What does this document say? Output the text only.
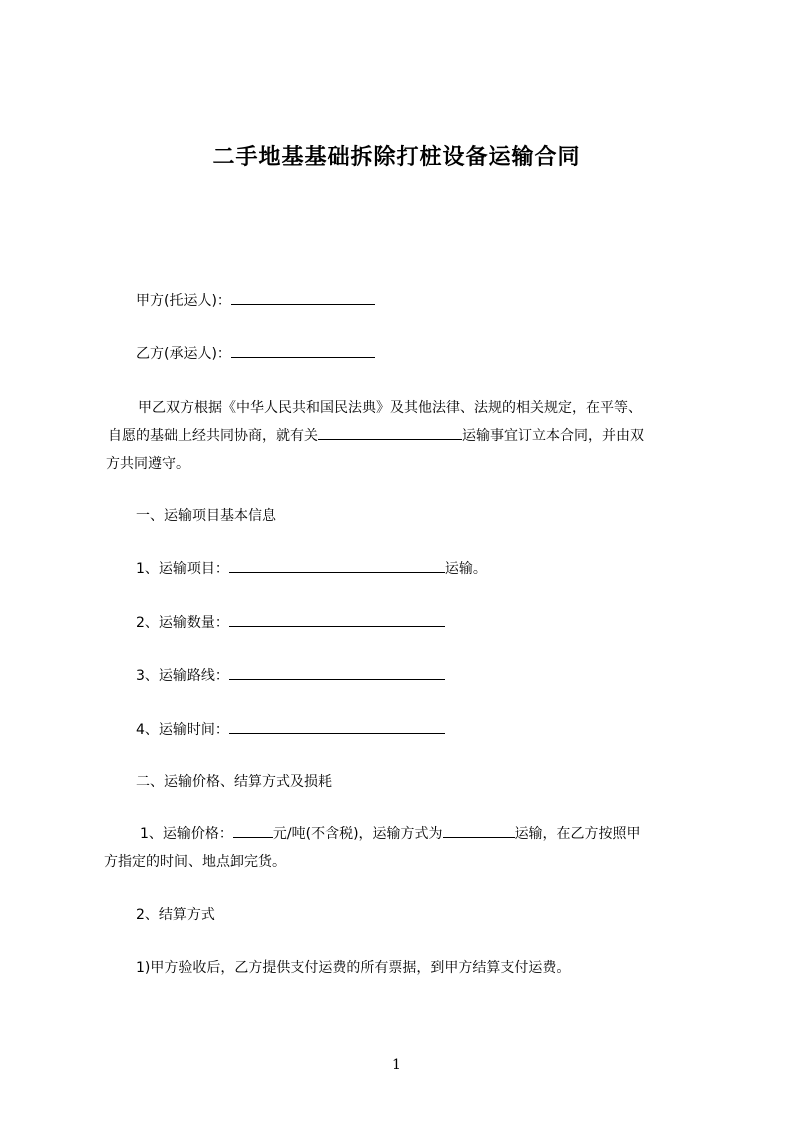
二手地基基础拆除打桩设备运输合同
甲方(托运人)：
乙方(承运人)：
甲乙双方根据《中华人民共和国民法典》及其他法律、法规的相关规定，在平等、
自愿的基础上经共同协商，就有关	运输事宜订立本合同，并由双
方共同遵守。
一、运输项目基本信息
1、运输项目：	运输。
2、运输数量：
3、运输路线：
4、运输时间：
二、运输价格、结算方式及损耗
1、运输价格：	元/吨(不含税)，运输方式为	运输，在乙方按照甲
方指定的时间、地点卸完货。
2、结算方式
1)甲方验收后，乙方提供支付运费的所有票据，到甲方结算支付运费。
1
